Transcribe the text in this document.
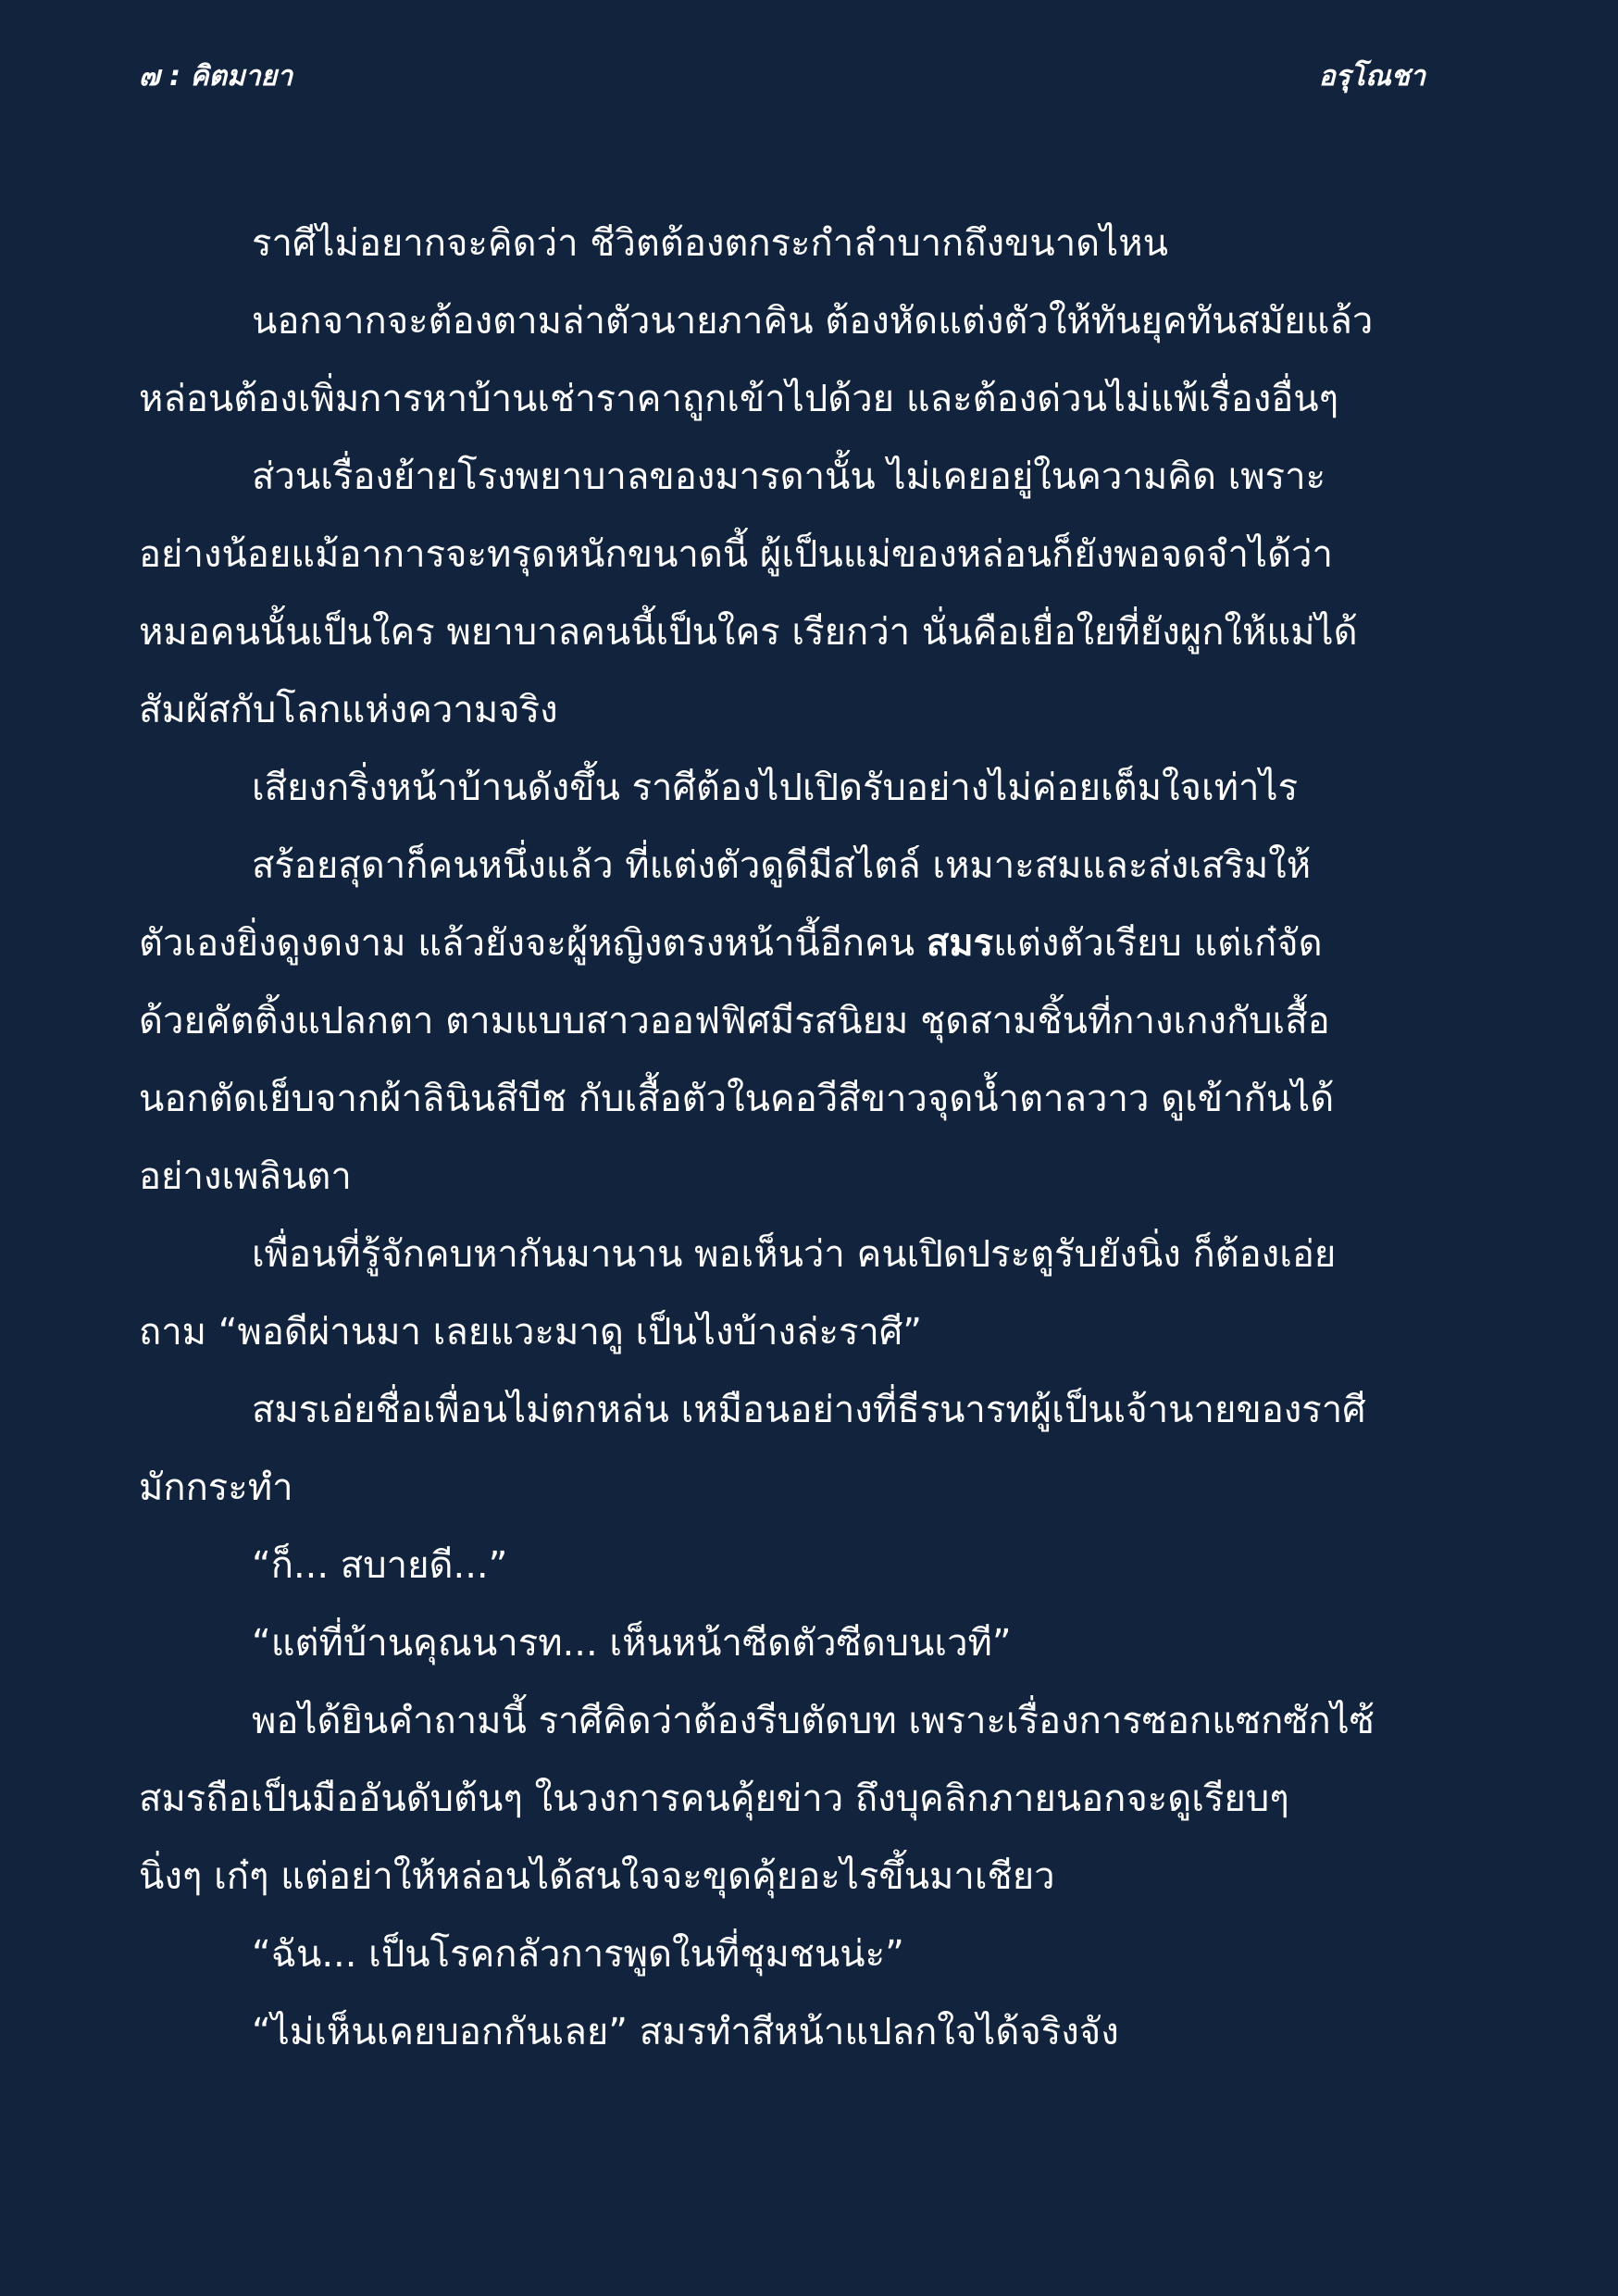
๗ : คิตมายา	อรุโณชา
ราศีไม่อยากจะคิดว่า ชีวิตต้องตกระกำลำบากถึงขนาดไหน
นอกจากจะต้องตามล่าตัวนายภาคิน ต้องหัดแต่งตัวให้ทันยุคทันสมัยแล้ว
หล่อนต้องเพิ่มการหาบ้านเช่าราคาถูกเข้าไปด้วย และต้องด่วนไม่แพ้เรื่องอื่นๆ
ส่วนเรื่องย้ายโรงพยาบาลของมารดานั้น ไม่เคยอยู่ในความคิด เพราะ
อย่างน้อยแม้อาการจะทรุดหนักขนาดนี้ ผู้เป็นแม่ของหล่อนก็ยังพอจดจำได้ว่า
หมอคนนั้นเป็นใคร พยาบาลคนนี้เป็นใคร เรียกว่า นั่นคือเยื่อใยที่ยังผูกให้แม่ได้
สัมผัสกับโลกแห่งความจริง
เสียงกริ่งหน้าบ้านดังขึ้น ราศีต้องไปเปิดรับอย่างไม่ค่อยเต็มใจเท่าไร
สร้อยสุดาก็คนหนึ่งแล้ว ที่แต่งตัวดูดีมีสไตล์ เหมาะสมและส่งเสริมให้
ตัวเองยิ่งดูงดงาม แล้วยังจะผู้หญิงตรงหน้านี้อีกคน สมรแต่งตัวเรียบ แต่เก๋จัด
ด้วยคัตติ้งแปลกตา ตามแบบสาวออฟฟิศมีรสนิยม ชุดสามชิ้นที่กางเกงกับเสื้อ
นอกตัดเย็บจากผ้าลินินสีบีช กับเสื้อตัวในคอวีสีขาวจุดน้ำตาลวาว ดูเข้ากันได้
อย่างเพลินตา
เพื่อนที่รู้จักคบหากันมานาน พอเห็นว่า คนเปิดประตูรับยังนิ่ง ก็ต้องเอ่ย
ถาม “พอดีผ่านมา เลยแวะมาดู เป็นไงบ้างล่ะราศี”
สมรเอ่ยชื่อเพื่อนไม่ตกหล่น เหมือนอย่างที่ธีรนารทผู้เป็นเจ้านายของราศี
มักกระทำ
“ก็... สบายดี...”
“แต่ที่บ้านคุณนารท... เห็นหน้าซีดตัวซีดบนเวที”
พอได้ยินคำถามนี้ ราศีคิดว่าต้องรีบตัดบท เพราะเรื่องการซอกแซกซักไซ้
สมรถือเป็นมืออันดับต้นๆ ในวงการคนคุ้ยข่าว ถึงบุคลิกภายนอกจะดูเรียบๆ
นิ่งๆ เก๋ๆ แต่อย่าให้หล่อนได้สนใจจะขุดคุ้ยอะไรขึ้นมาเชียว
“ฉัน... เป็นโรคกลัวการพูดในที่ชุมชนน่ะ”
“ไม่เห็นเคยบอกกันเลย” สมรทำสีหน้าแปลกใจได้จริงจัง
